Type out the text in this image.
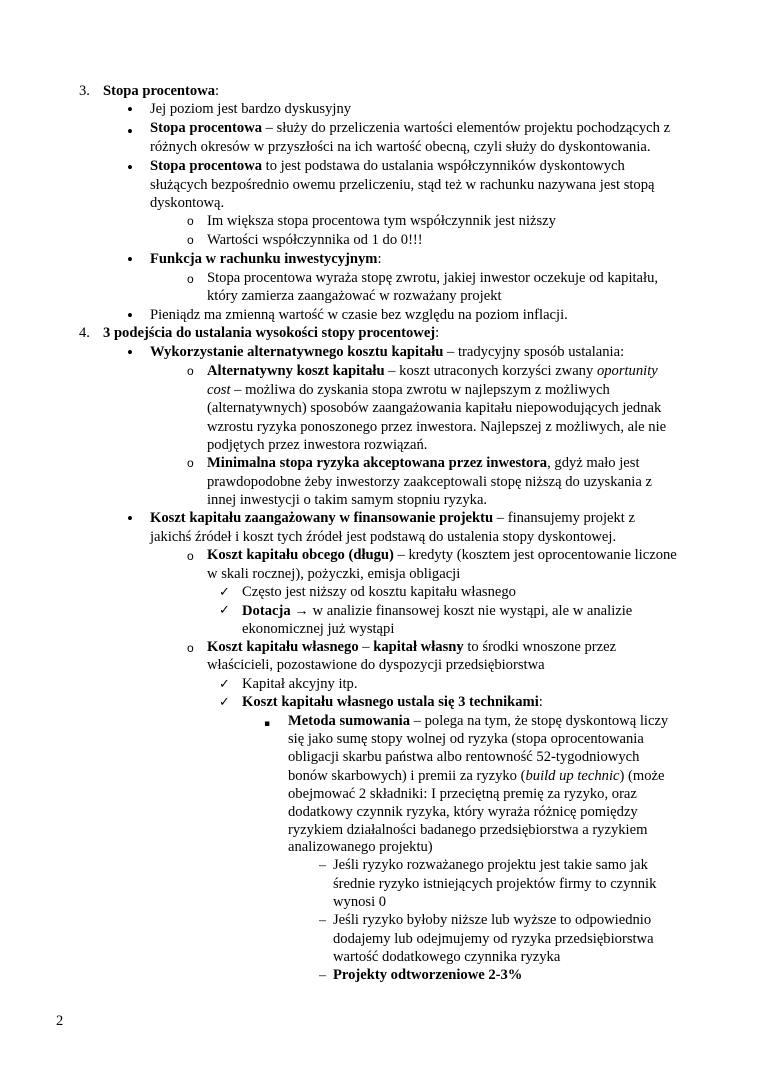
3.
•
•
•
o
o
•
o
•
4.
•
o
o
•
o
✓
✓
o
✓
✓
▪
–
–
–
Stopa procentowa:
Jej poziom jest bardzo dyskusyjny
Stopa procentowa – służy do przeliczenia wartości elementów projektu pochodzących z
różnych okresów w przyszłości na ich wartość obecną, czyli służy do dyskontowania.
Stopa procentowa to jest podstawa do ustalania współczynników dyskontowych
służących bezpośrednio owemu przeliczeniu, stąd też w rachunku nazywana jest stopą
dyskontową.
Im większa stopa procentowa tym współczynnik jest niższy
Wartości współczynnika od 1 do 0!!!
Funkcja w rachunku inwestycyjnym:
Stopa procentowa wyraża stopę zwrotu, jakiej inwestor oczekuje od kapitału,
który zamierza zaangażować w rozważany projekt
Pieniądz ma zmienną wartość w czasie bez względu na poziom inflacji.
3 podejścia do ustalania wysokości stopy procentowej:
Wykorzystanie alternatywnego kosztu kapitału – tradycyjny sposób ustalania:
Alternatywny koszt kapitału – koszt utraconych korzyści zwany oportunity
cost – możliwa do zyskania stopa zwrotu w najlepszym z możliwych
(alternatywnych) sposobów zaangażowania kapitału niepowodujących jednak
wzrostu ryzyka ponoszonego przez inwestora. Najlepszej z możliwych, ale nie
podjętych przez inwestora rozwiązań.
Minimalna stopa ryzyka akceptowana przez inwestora, gdyż mało jest
prawdopodobne żeby inwestorzy zaakceptowali stopę niższą do uzyskania z
innej inwestycji o takim samym stopniu ryzyka.
Koszt kapitału zaangażowany w finansowanie projektu – finansujemy projekt z
jakichś źródeł i koszt tych źródeł jest podstawą do ustalenia stopy dyskontowej.
Koszt kapitału obcego (długu) – kredyty (kosztem jest oprocentowanie liczone
w skali rocznej), pożyczki, emisja obligacji
Często jest niższy od kosztu kapitału własnego
Dotacja → w analizie finansowej koszt nie wystąpi, ale w analizie
ekonomicznej już wystąpi
Koszt kapitału własnego – kapitał własny to środki wnoszone przez
właścicieli, pozostawione do dyspozycji przedsiębiorstwa
Kapitał akcyjny itp.
Koszt kapitału własnego ustala się 3 technikami:
Metoda sumowania – polega na tym, że stopę dyskontową liczy
się jako sumę stopy wolnej od ryzyka (stopa oprocentowania
obligacji skarbu państwa albo rentowność 52-tygodniowych
bonów skarbowych) i premii za ryzyko (build up technic) (może
obejmować 2 składniki: I przeciętną premię za ryzyko, oraz
dodatkowy czynnik ryzyka, który wyraża różnicę pomiędzy
ryzykiem działalności badanego przedsiębiorstwa a ryzykiem
analizowanego projektu)
Jeśli ryzyko rozważanego projektu jest takie samo jak
średnie ryzyko istniejących projektów firmy to czynnik
wynosi 0
Jeśli ryzyko byłoby niższe lub wyższe to odpowiednio
dodajemy lub odejmujemy od ryzyka przedsiębiorstwa
wartość dodatkowego czynnika ryzyka
Projekty odtworzeniowe 2-3%
2
